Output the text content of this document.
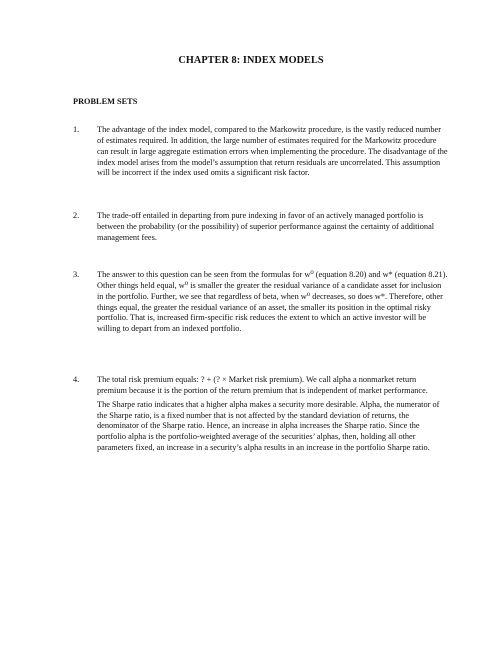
CHAPTER 8: INDEX MODELS
PROBLEM SETS
1. The advantage of the index model, compared to the Markowitz procedure, is the vastly reduced number of estimates required. In addition, the large number of estimates required for the Markowitz procedure can result in large aggregate estimation errors when implementing the procedure. The disadvantage of the index model arises from the model’s assumption that return residuals are uncorrelated. This assumption will be incorrect if the index used omits a significant risk factor.

2. The trade-off entailed in departing from pure indexing in favor of an actively managed portfolio is between the probability (or the possibility) of superior performance against the certainty of additional management fees.

3. The answer to this question can be seen from the formulas for w⁰ (equation 8.20) and w* (equation 8.21). Other things held equal, w⁰ is smaller the greater the residual variance of a candidate asset for inclusion in the portfolio. Further, we see that regardless of beta, when w⁰ decreases, so does w*. Therefore, other things equal, the greater the residual variance of an asset, the smaller its position in the optimal risky portfolio. That is, increased firm-specific risk reduces the extent to which an active investor will be willing to depart from an indexed portfolio.

4. The total risk premium equals: ? + (? × Market risk premium). We call alpha a nonmarket return premium because it is the portion of the return premium that is independent of market performance.

The Sharpe ratio indicates that a higher alpha makes a security more desirable. Alpha, the numerator of the Sharpe ratio, is a fixed number that is not affected by the standard deviation of returns, the denominator of the Sharpe ratio. Hence, an increase in alpha increases the Sharpe ratio. Since the portfolio alpha is the portfolio-weighted average of the securities’ alphas, then, holding all other parameters fixed, an increase in a security’s alpha results in an increase in the portfolio Sharpe ratio.
